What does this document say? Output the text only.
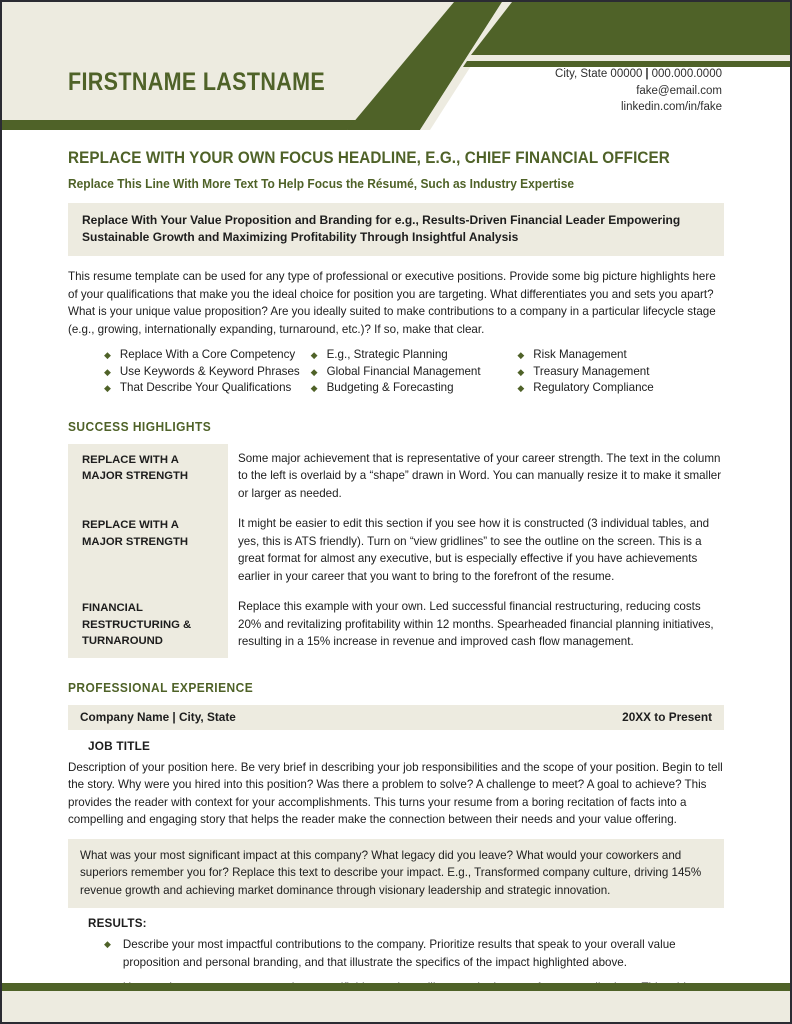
FIRSTNAME LASTNAME	City, State 00000 | 000.000.0000
fake@email.com
linkedin.com/in/fake
REPLACE WITH YOUR OWN FOCUS HEADLINE, E.G., CHIEF FINANCIAL OFFICER
Replace This Line With More Text To Help Focus the Résumé, Such as Industry Expertise
Replace With Your Value Proposition and Branding for e.g., Results-Driven Financial Leader Empowering Sustainable Growth and Maximizing Profitability Through Insightful Analysis
This resume template can be used for any type of professional or executive positions. Provide some big picture highlights here of your qualifications that make you the ideal choice for position you are targeting. What differentiates you and sets you apart? What is your unique value proposition? Are you ideally suited to make contributions to a company in a particular lifecycle stage (e.g., growing, internationally expanding, turnaround, etc.)? If so, make that clear.
◆ Replace With a Core Competency ◆ E.g., Strategic Planning	◆ Risk Management
◆ Use Keywords & Keyword Phrases ◆ Global Financial Management	◆ Treasury Management
◆ That Describe Your Qualifications ◆ Budgeting & Forecasting	◆ Regulatory Compliance
SUCCESS HIGHLIGHTS
REPLACE WITH A MAJOR STRENGTH
Some major achievement that is representative of your career strength. The text in the column to the left is overlaid by a “shape” drawn in Word. You can manually resize it to make it smaller or larger as needed.
REPLACE WITH A MAJOR STRENGTH
It might be easier to edit this section if you see how it is constructed (3 individual tables, and yes, this is ATS friendly). Turn on “view gridlines” to see the outline on the screen. This is a great format for almost any executive, but is especially effective if you have achievements earlier in your career that you want to bring to the forefront of the resume.
FINANCIAL RESTRUCTURING & TURNAROUND
Replace this example with your own. Led successful financial restructuring, reducing costs 20% and revitalizing profitability within 12 months. Spearheaded financial planning initiatives, resulting in a 15% increase in revenue and improved cash flow management.
PROFESSIONAL EXPERIENCE
Company Name | City, State	20XX to Present
JOB TITLE
Description of your position here. Be very brief in describing your job responsibilities and the scope of your position. Begin to tell the story. Why were you hired into this position? Was there a problem to solve? A challenge to meet? A goal to achieve? This provides the reader with context for your accomplishments. This turns your resume from a boring recitation of facts into a compelling and engaging story that helps the reader make the connection between their needs and your value offering.
What was your most significant impact at this company? What legacy did you leave? What would your coworkers and superiors remember you for? Replace this text to describe your impact. E.g., Transformed company culture, driving 145% revenue growth and achieving market dominance through visionary leadership and strategic innovation.
RESULTS:
◆ Describe your most impactful contributions to the company. Prioritize results that speak to your overall value proposition and personal branding, and that illustrate the specifics of the impact highlighted above.
